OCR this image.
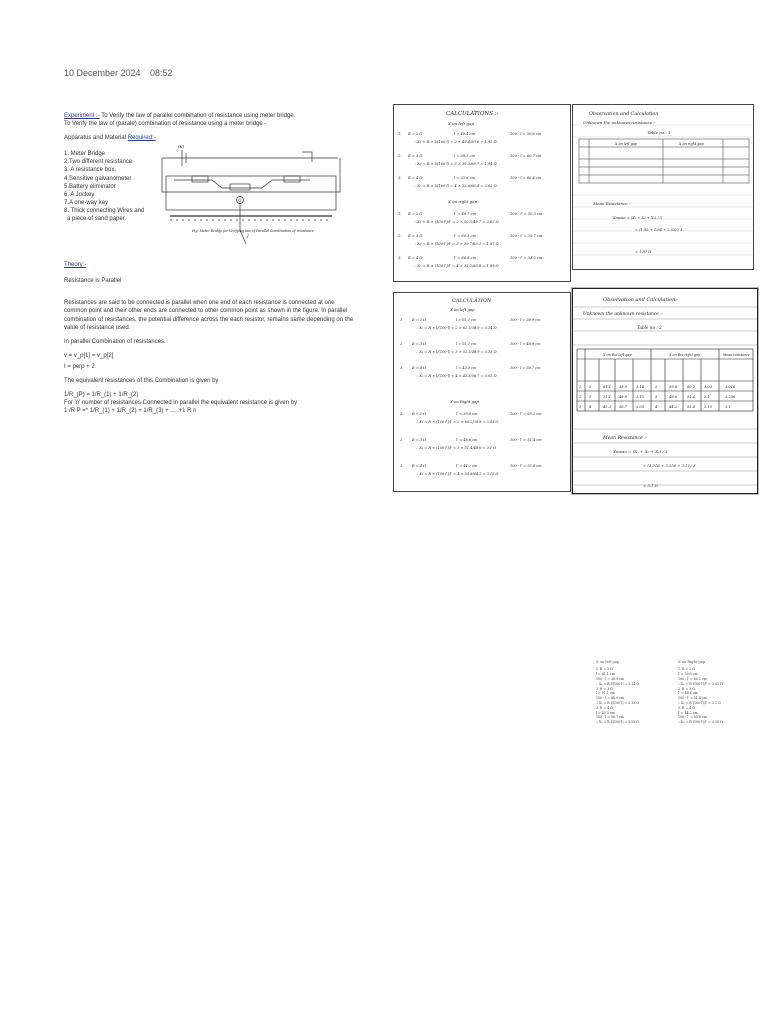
10 December 2024 08:52

Experiment :- To Verify the law of parallel combination of resistance using meter bridge.

To Verify the law of (parale) combination of resistance using a meter bridge -

Apparatus and Material Required:-

1. Meter Bridge

2.Two different resistance

3. A resistance box.

4.Sensitive galvanometer

5.Battery eliminator

6. A Jockey

7.A one-way key

8. Thick connecting Wires and

a piece of sand paper.

Theory:-

Resistance is Parallel

Resistances are said to be connected is parallel when one end of each resistance is connected at one common point and their other ends are connected to other common point as shown in the figure. In parallel combination of resistances, the potential difference across the each resistor, remains same depending on the value of resistance used.

In parallel Combination of resistances.

v = v_p[1] = v_p[2]

I = perp + 2

The equivalent resistances of this Combination is given by

1/R_(P) = 1/R_(1) + 1/R_(2)

For 'n' number of resistances Connected in parallel the equivalent resistance is given by

1 /R P =* 1/R_(1) + 1/R_(2) + 1/R_(3) + .....+1 R n

(K)
G
J
Fig: Meter Bridge for Verifying law of Parallel Combination of resistance
CALCULATIONS :-
X on left gap
1. R = 2 Ω	l = 49.4 cm	100 - l = 50.6 cm
∴ X₁ = R × l/(100-l) = 2 × 49.4/50.6 = 1.95 Ω
2. R = 3 Ω	l = 39.3 cm	100 - l = 60.7 cm
∴ X₂ = R × l/(100-l) = 3 × 39.3/60.7 = 1.94 Ω
3. R = 4 Ω	l = 33.6 cm	100 - l = 66.4 cm
∴ X₃ = R × l/(100-l) = 4 × 33.6/66.4 = 2.02 Ω
X on right gap
1. R = 2 Ω	l' = 49.7 cm	100 - l' = 50.3 cm
∴ X₁ = R × (100-l')/l' = 2 × 50.3/49.7 = 2.02 Ω
2. R = 3 Ω	l' = 60.3 cm	100 - l' = 39.7 cm
∴ X₂ = R × (100-l')/l' = 3 × 39.7/60.3 = 1.97 Ω
3. R = 4 Ω	l' = 66.8 cm	100 - l' = 33.2 cm
∴ X₃ = R × (100-l')/l' = 4 × 33.2/66.8 = 1.99 Ω
Observation and Calculation
Unknown the unknown resistance :-
Table no : 1
X on left gap	X on right gap
Mean Resistance :-
Xmean = (X₁ + X₂ + X₃) / 3
= (1.95 + 1.94 + 2.02) / 3
= 1.97 Ω
CALCULATION
X on left gap
1. R = 2 Ω	l = 61.1 cm	100 - l = 38.9 cm
∴ X₁ = R × l/(100-l) = 2 × 61.1/38.9 = 3.14 Ω
2. R = 3 Ω	l = 51.1 cm	100 - l = 48.9 cm
∴ X₂ = R × l/(100-l) = 3 × 51.1/48.9 = 3.13 Ω
3. R = 4 Ω	l = 43.3 cm	100 - l = 56.7 cm
∴ X₃ = R × l/(100-l) = 4 × 43.3/56.7 = 3.05 Ω
X on Right gap
1. R = 2 Ω	l' = 39.8 cm	100 - l' = 60.2 cm
∴ X₁ = R × (100-l')/l' = 2 × 60.2/39.8 = 3.03 Ω
2. R = 3 Ω	l' = 48.6 cm	100 - l' = 51.4 cm
∴ X₂ = R × (100-l')/l' = 3 × 51.4/48.6 = 3.1 Ω
3. R = 4 Ω	l' = 44.2 cm	100 - l' = 55.8 cm
∴ X₃ = R × (100-l')/l' = 4 × 55.8/44.2 = 3.15 Ω
Observation and Calculation:-
Unknown the unknown resistance :-
Table no : 2
X on the left gap	X on the right gap	Mean resistance
1 2	61.1 38.9 3.14	2	39.8	60.2 3.03	3.016
2 3	51.1 48.9 3.13	3	48.6	51.4 3.1	3.256
3 4	43.3 56.7 3.05	4	44.2	55.8 3.15	3.1
Mean Resistance :-
Xmean = (X₁ + X₂ + X₃) / 3
= (3.016 + 3.256 + 3.1) / 3
= 3.1 Ω
X on left gap
1. R = 2 Ω
l = 61.1 cm
100 - l = 38.9 cm
∴ X₁ = R l/(100-l) = 3.14 Ω
2. R = 3 Ω
l = 51.1 cm
100 - l = 48.9 cm
∴ X₂ = R l/(100-l) = 3.13 Ω
3. R = 4 Ω
l = 43.3 cm
100 - l = 56.7 cm
∴ X₃ = R l/(100-l) = 3.05 Ω
X on Right gap
1. R = 2 Ω
l' = 39.8 cm
100 - l' = 60.2 cm
∴ X₁ = R (100-l')/l' = 3.03 Ω
2. R = 3 Ω
l' = 48.6 cm
100 - l' = 51.4 cm
∴ X₂ = R (100-l')/l' = 3.1 Ω
3. R = 4 Ω
l' = 44.2 cm
100 - l' = 55.8 cm
∴ X₃ = R (100-l')/l' = 3.15 Ω
